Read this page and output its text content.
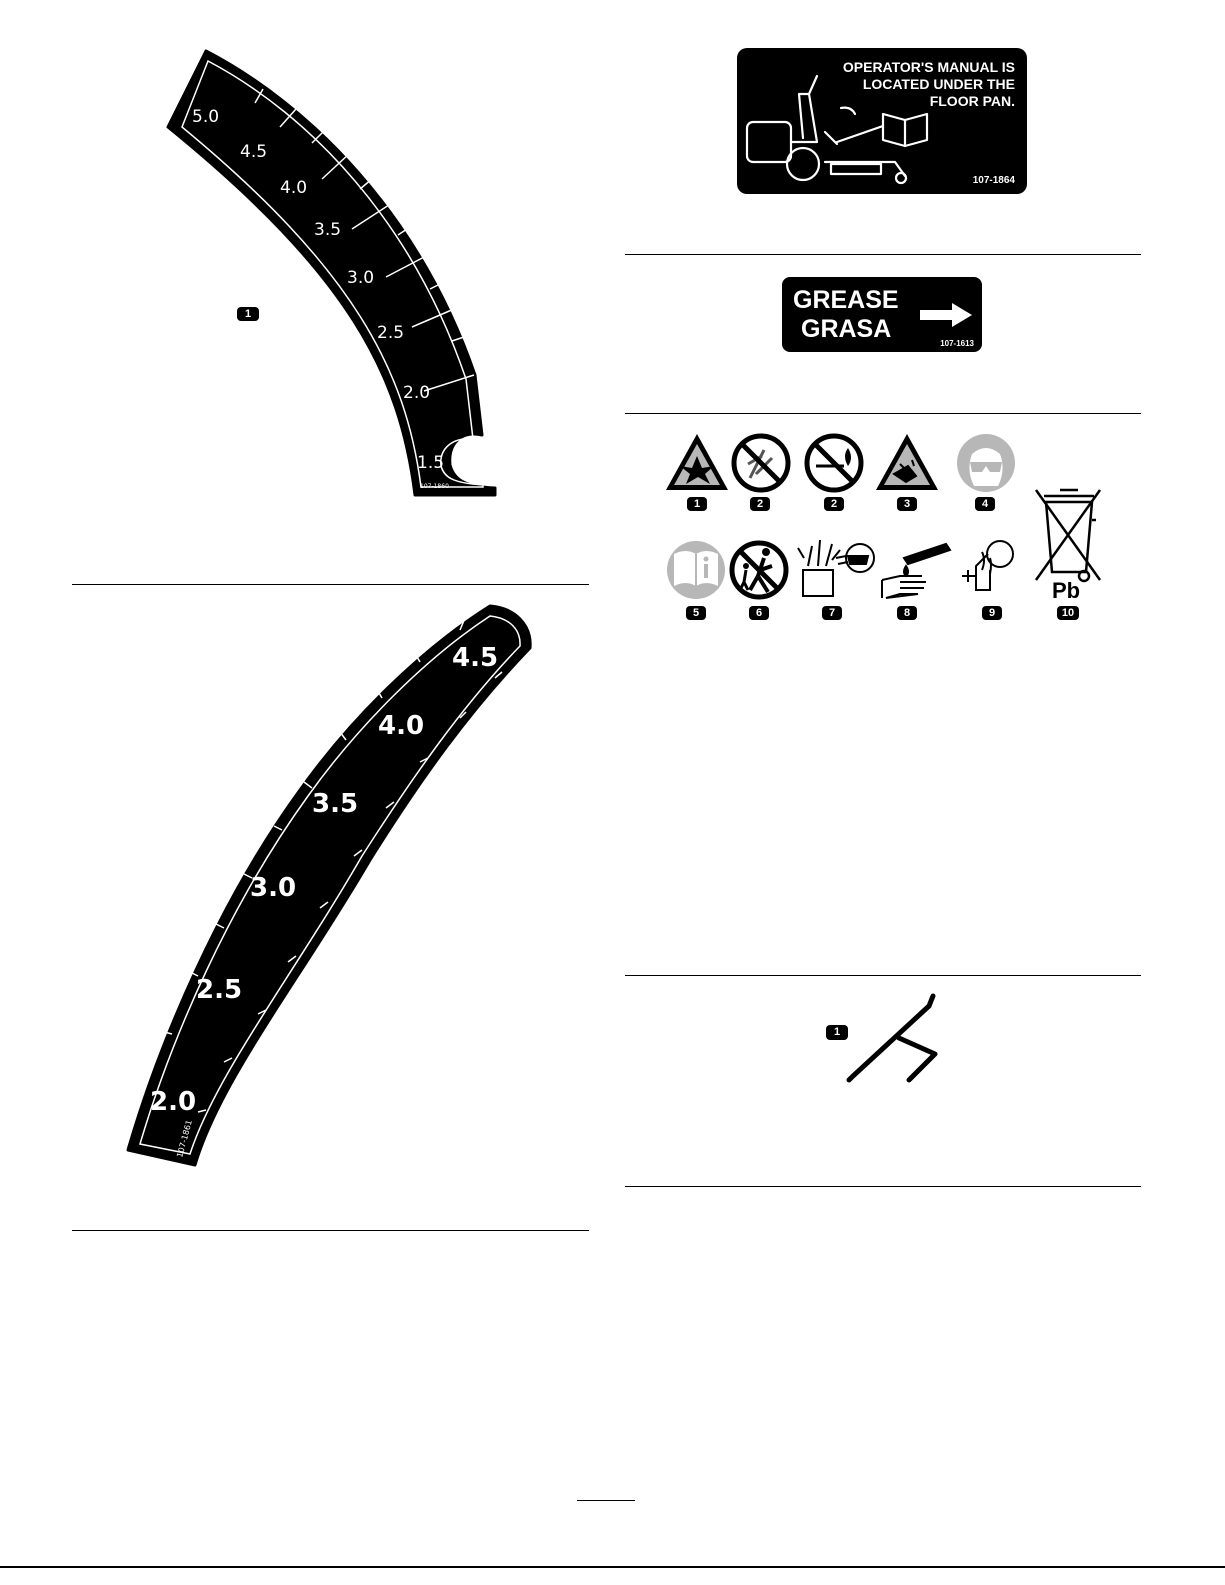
5.0
4.5
4.0
3.5
3.0
2.5
2.0
1.5
107-1860
1
4.5
4.0
3.5
3.0
2.5
2.0
107-1861
OPERATOR'S MANUAL IS
LOCATED UNDER THE
FLOOR PAN.
107-1864
GREASE
GRASA
107-1613
Pb
1	2	2	3	4
5	6	7	8	9	10
1
